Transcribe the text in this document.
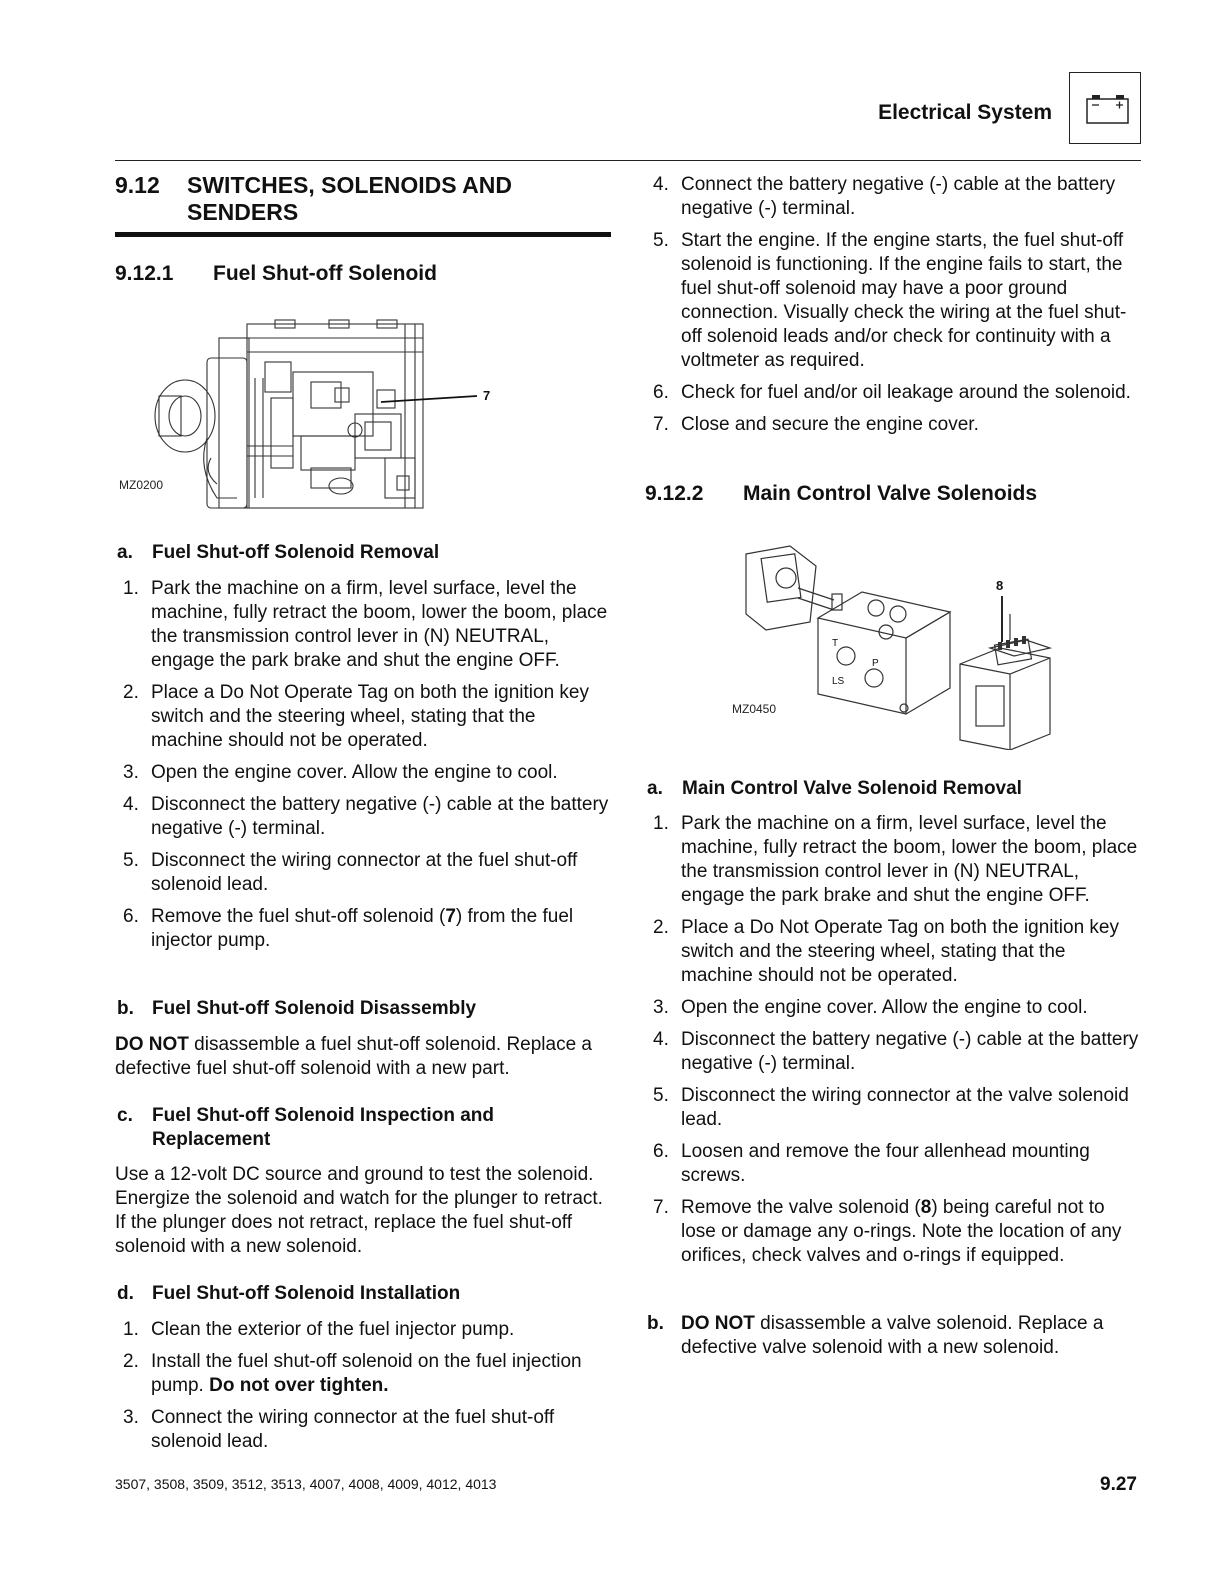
Electrical System
9.12 SWITCHES, SOLENOIDS AND SENDERS
9.12.1 Fuel Shut-off Solenoid
7
MZ0200
a. Fuel Shut-off Solenoid Removal
1. Park the machine on a firm, level surface, level the machine, fully retract the boom, lower the boom, place the transmission control lever in (N) NEUTRAL, engage the park brake and shut the engine OFF.
2. Place a Do Not Operate Tag on both the ignition key switch and the steering wheel, stating that the machine should not be operated.
3. Open the engine cover. Allow the engine to cool.
4. Disconnect the battery negative (-) cable at the battery negative (-) terminal.
5. Disconnect the wiring connector at the fuel shut-off solenoid lead.
6. Remove the fuel shut-off solenoid (7) from the fuel injector pump.
b. Fuel Shut-off Solenoid Disassembly
DO NOT disassemble a fuel shut-off solenoid. Replace a defective fuel shut-off solenoid with a new part.
c. Fuel Shut-off Solenoid Inspection and Replacement
Use a 12-volt DC source and ground to test the solenoid. Energize the solenoid and watch for the plunger to retract. If the plunger does not retract, replace the fuel shut-off solenoid with a new solenoid.
d. Fuel Shut-off Solenoid Installation
1. Clean the exterior of the fuel injector pump.
2. Install the fuel shut-off solenoid on the fuel injection pump. Do not over tighten.
3. Connect the wiring connector at the fuel shut-off solenoid lead.
4. Connect the battery negative (-) cable at the battery negative (-) terminal.
5. Start the engine. If the engine starts, the fuel shut-off solenoid is functioning. If the engine fails to start, the fuel shut-off solenoid may have a poor ground connection. Visually check the wiring at the fuel shut-off solenoid leads and/or check for continuity with a voltmeter as required.
6. Check for fuel and/or oil leakage around the solenoid.
7. Close and secure the engine cover.
9.12.2 Main Control Valve Solenoids
8
T
P
LS
MZ0450
a. Main Control Valve Solenoid Removal
1. Park the machine on a firm, level surface, level the machine, fully retract the boom, lower the boom, place the transmission control lever in (N) NEUTRAL, engage the park brake and shut the engine OFF.
2. Place a Do Not Operate Tag on both the ignition key switch and the steering wheel, stating that the machine should not be operated.
3. Open the engine cover. Allow the engine to cool.
4. Disconnect the battery negative (-) cable at the battery negative (-) terminal.
5. Disconnect the wiring connector at the valve solenoid lead.
6. Loosen and remove the four allenhead mounting screws.
7. Remove the valve solenoid (8) being careful not to lose or damage any o-rings. Note the location of any orifices, check valves and o-rings if equipped.
b. DO NOT disassemble a valve solenoid. Replace a defective valve solenoid with a new solenoid.
3507, 3508, 3509, 3512, 3513, 4007, 4008, 4009, 4012, 4013	9.27
